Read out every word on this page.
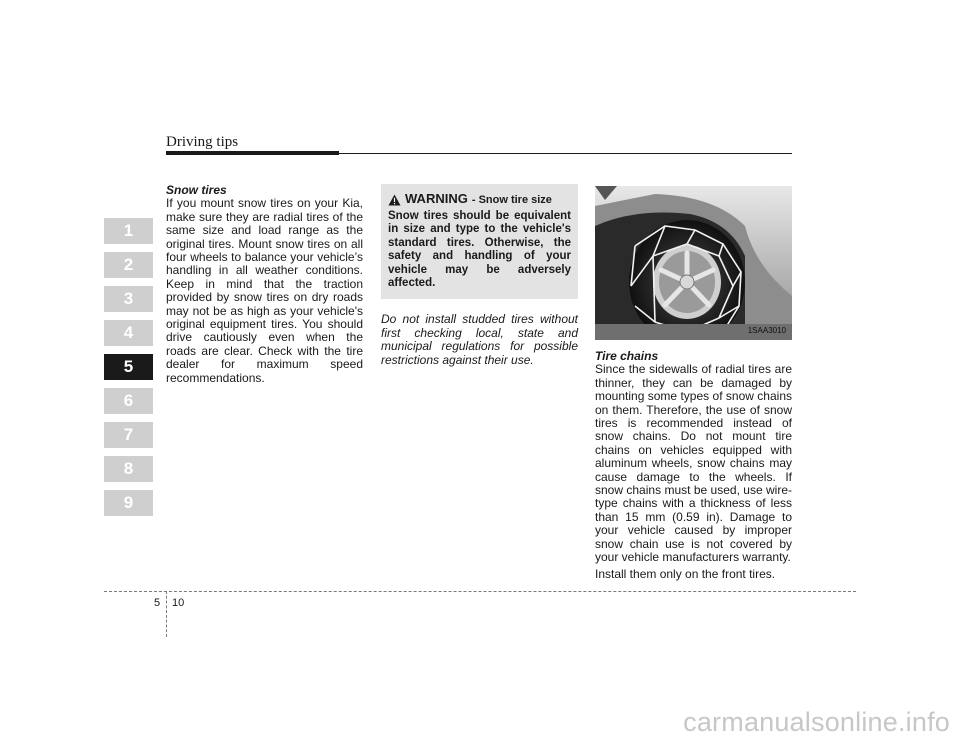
Driving tips
1
2
3
4
5
6
7
8
9

Snow tires

If you mount snow tires on your Kia, make sure they are radial tires of the same size and load range as the original tires. Mount snow tires on all four wheels to balance your vehicle’s handling in all weather conditions. Keep in mind that the traction provided by snow tires on dry roads may not be as high as your vehicle's original equipment tires. You should drive cautiously even when the roads are clear. Check with the tire dealer for maximum speed recommendations.

WARNING - Snow tire size
Snow tires should be equivalent in size and type to the vehicle's standard tires. Otherwise, the safety and handling of your vehicle may be adversely affected.

Do not install studded tires without first checking local, state and municipal regulations for possible restrictions against their use.

1SAA3010

Tire chains

Since the sidewalls of radial tires are thinner, they can be damaged by mounting some types of snow chains on them. Therefore, the use of snow tires is recommended instead of snow chains. Do not mount tire chains on vehicles equipped with aluminum wheels, snow chains may cause damage to the wheels. If snow chains must be used, use wire-type chains with a thickness of less than 15 mm (0.59 in). Damage to your vehicle caused by improper snow chain use is not covered by your vehicle manufacturers warranty.

Install them only on the front tires.

5 10
carmanualsonline.info
